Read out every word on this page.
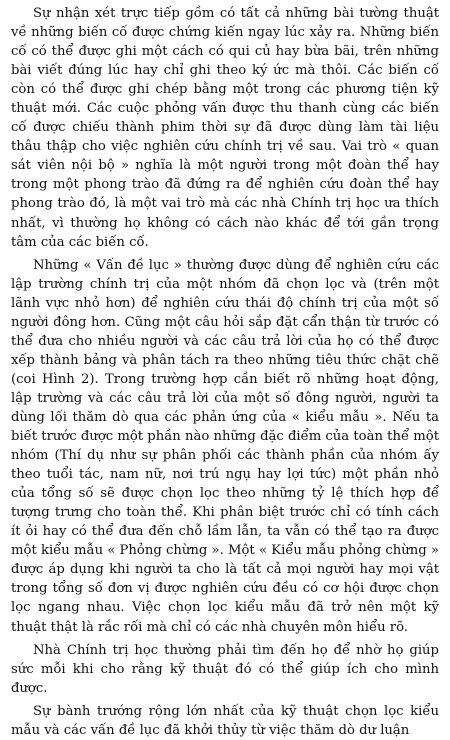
Sự nhận xét trực tiếp gồm có tất cả những bài tường thuật về những biến cố được chứng kiến ngay lúc xảy ra. Những biến cố có thể được ghi một cách có qui củ hay bừa bãi, trên những bài viết đúng lúc hay chỉ ghi theo ký ức mà thôi. Các biến cố còn có thể được ghi chép bằng một trong các phương tiện kỹ thuật mới. Các cuộc phỏng vấn được thu thanh cùng các biến cố được chiếu thành phim thời sự đã được dùng làm tài liệu thâu thập cho việc nghiên cứu chính trị về sau. Vai trò « quan sát viên nội bộ » nghĩa là một người trong một đoàn thể hay trong một phong trào đã đứng ra để nghiên cứu đoàn thể hay phong trào đó, là một vai trò mà các nhà Chính trị học ưa thích nhất, vì thường họ không có cách nào khác để tới gần trọng tâm của các biến cố.

Những « Vấn đề lục » thường được dùng để nghiên cứu các lập trường chính trị của một nhóm đã chọn lọc và (trên một lãnh vực nhỏ hơn) để nghiên cứu thái độ chính trị của một số người đông hơn. Cũng một câu hỏi sắp đặt cẩn thận từ trước có thể đưa cho nhiều người và các câu trả lời của họ có thể được xếp thành bảng và phân tách ra theo những tiêu thức chặt chẽ (coi Hình 2). Trong trường hợp cần biết rõ những hoạt động, lập trường và các câu trả lời của một số đông người, người ta dùng lối thăm dò qua các phản ứng của « kiểu mẫu ». Nếu ta biết trước được một phần nào những đặc điểm của toàn thể một nhóm (Thí dụ như sự phân phối các thành phần của nhóm ấy theo tuổi tác, nam nữ, nơi trú ngụ hay lợi tức) một phần nhỏ của tổng số sẽ được chọn lọc theo những tỷ lệ thích hợp để tượng trưng cho toàn thể. Khi phân biệt trước chỉ có tính cách ít ỏi hay có thể đưa đến chỗ lầm lẫn, ta vẫn có thể tạo ra được một kiểu mẫu « Phỏng chừng ». Một « Kiểu mẫu phỏng chừng » được áp dụng khi người ta cho là tất cả mọi người hay mọi vật trong tổng số đơn vị được nghiên cứu đều có cơ hội được chọn lọc ngang nhau. Việc chọn lọc kiểu mẫu đã trở nên một kỹ thuật thật là rắc rối mà chỉ có các nhà chuyên môn hiểu rõ.

Nhà Chính trị học thường phải tìm đến họ để nhờ họ giúp sức mỗi khi cho rằng kỹ thuật đó có thể giúp ích cho mình được.

Sự bành trướng rộng lớn nhất của kỹ thuật chọn lọc kiểu mẫu và các vấn đề lục đã khởi thủy từ việc thăm dò dư luận
